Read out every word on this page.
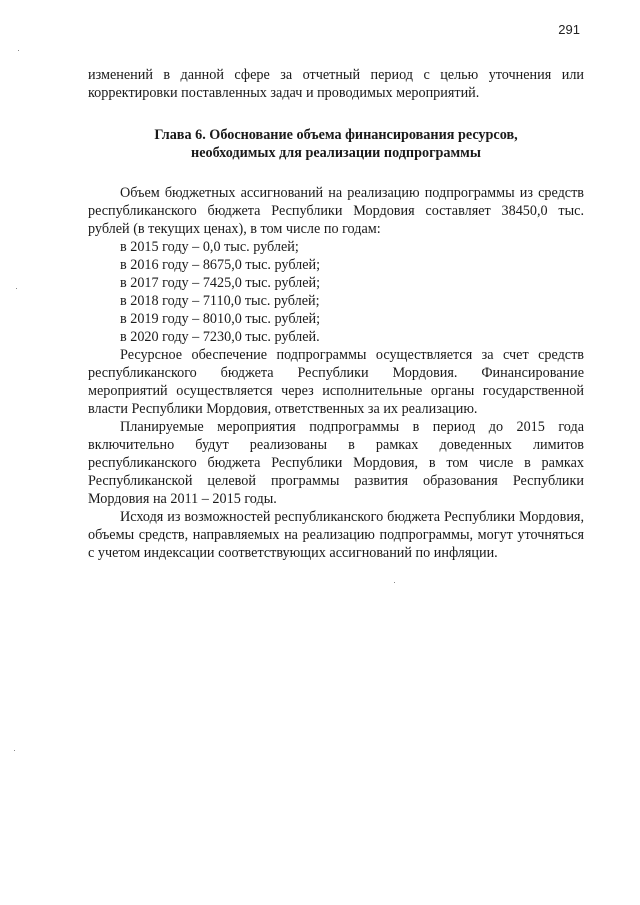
291

изменений в данной сфере за отчетный период с целью уточнения или корректировки поставленных задач и проводимых мероприятий.

Глава 6. Обоснование объема финансирования ресурсов,
необходимых для реализации подпрограммы

Объем бюджетных ассигнований на реализацию подпрограммы из средств республиканского бюджета Республики Мордовия составляет 38450,0 тыс. рублей (в текущих ценах), в том числе по годам:

в 2015 году – 0,0 тыс. рублей;
в 2016 году – 8675,0 тыс. рублей;
в 2017 году – 7425,0 тыс. рублей;
в 2018 году – 7110,0 тыс. рублей;
в 2019 году – 8010,0 тыс. рублей;
в 2020 году – 7230,0 тыс. рублей.

Ресурсное обеспечение подпрограммы осуществляется за счет средств республиканского бюджета Республики Мордовия. Финансирование мероприятий осуществляется через исполнительные органы государственной власти Республики Мордовия, ответственных за их реализацию.

Планируемые мероприятия подпрограммы в период до 2015 года включительно будут реализованы в рамках доведенных лимитов республиканского бюджета Республики Мордовия, в том числе в рамках Республиканской целевой программы развития образования Республики Мордовия на 2011 – 2015 годы.

Исходя из возможностей республиканского бюджета Республики Мордовия, объемы средств, направляемых на реализацию подпрограммы, могут уточняться с учетом индексации соответствующих ассигнований по инфляции.
